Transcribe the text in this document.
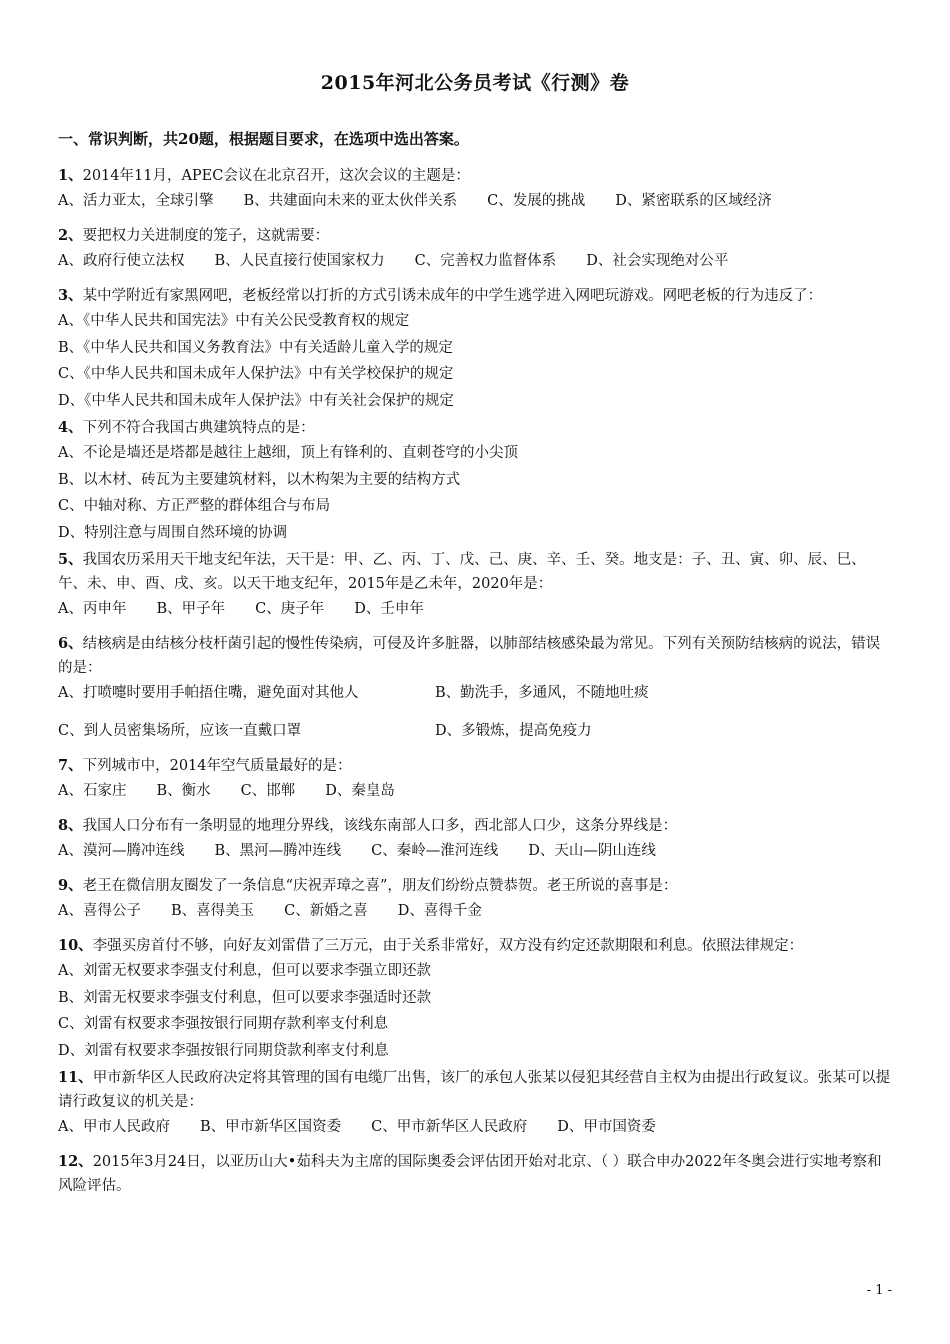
2015年河北公务员考试《行测》卷
一、常识判断，共20题，根据题目要求，在选项中选出答案。

1、2014年11月，APEC会议在北京召开，这次会议的主题是：

A、活力亚太，全球引擎 B、共建面向未来的亚太伙伴关系 C、发展的挑战 D、紧密联系的区域经济

2、要把权力关进制度的笼子，这就需要：

A、政府行使立法权 B、人民直接行使国家权力 C、完善权力监督体系 D、社会实现绝对公平

3、某中学附近有家黑网吧，老板经常以打折的方式引诱未成年的中学生逃学进入网吧玩游戏。网吧老板的行为违反了：

A、《中华人民共和国宪法》中有关公民受教育权的规定

B、《中华人民共和国义务教育法》中有关适龄儿童入学的规定

C、《中华人民共和国未成年人保护法》中有关学校保护的规定

D、《中华人民共和国未成年人保护法》中有关社会保护的规定

4、下列不符合我国古典建筑特点的是：

A、不论是墙还是塔都是越往上越细，顶上有锋利的、直刺苍穹的小尖顶

B、以木材、砖瓦为主要建筑材料，以木构架为主要的结构方式

C、中轴对称、方正严整的群体组合与布局

D、特别注意与周围自然环境的协调

5、我国农历采用天干地支纪年法，天干是：甲、乙、丙、丁、戊、己、庚、辛、壬、癸。地支是：子、丑、寅、卯、辰、巳、午、未、申、酉、戌、亥。以天干地支纪年，2015年是乙未年，2020年是：

A、丙申年 B、甲子年 C、庚子年 D、壬申年

6、结核病是由结核分枝杆菌引起的慢性传染病，可侵及许多脏器，以肺部结核感染最为常见。下列有关预防结核病的说法，错误的是：

A、打喷嚏时要用手帕捂住嘴，避免面对其他人	B、勤洗手，多通风，不随地吐痰

C、到人员密集场所，应该一直戴口罩	D、多锻炼，提高免疫力

7、下列城市中，2014年空气质量最好的是：

A、石家庄 B、衡水 C、邯郸 D、秦皇岛

8、我国人口分布有一条明显的地理分界线，该线东南部人口多，西北部人口少，这条分界线是：

A、漠河—腾冲连线 B、黑河—腾冲连线 C、秦岭—淮河连线 D、天山—阴山连线

9、老王在微信朋友圈发了一条信息“庆祝弄璋之喜”，朋友们纷纷点赞恭贺。老王所说的喜事是：

A、喜得公子 B、喜得美玉 C、新婚之喜 D、喜得千金

10、李强买房首付不够，向好友刘雷借了三万元，由于关系非常好，双方没有约定还款期限和利息。依照法律规定：

A、刘雷无权要求李强支付利息，但可以要求李强立即还款

B、刘雷无权要求李强支付利息，但可以要求李强适时还款

C、刘雷有权要求李强按银行同期存款利率支付利息

D、刘雷有权要求李强按银行同期贷款利率支付利息

11、甲市新华区人民政府决定将其管理的国有电缆厂出售，该厂的承包人张某以侵犯其经营自主权为由提出行政复议。张某可以提请行政复议的机关是：

A、甲市人民政府 B、甲市新华区国资委 C、甲市新华区人民政府 D、甲市国资委

12、2015年3月24日，以亚历山大•茹科夫为主席的国际奥委会评估团开始对北京、（ ）联合申办2022年冬奥会进行实地考察和风险评估。

- 1 -
